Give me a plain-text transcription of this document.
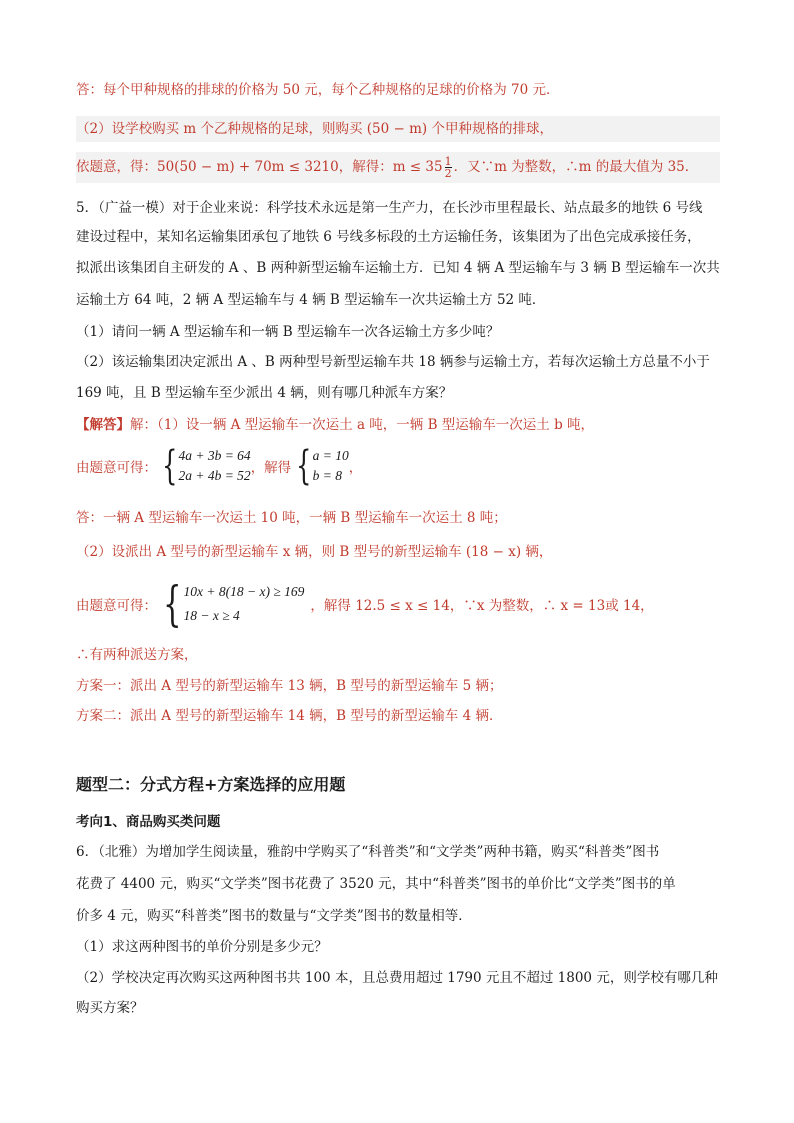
答：每个甲种规格的排球的价格为 50 元，每个乙种规格的足球的价格为 70 元．
（2）设学校购买 m 个乙种规格的足球，则购买 (50 − m) 个甲种规格的排球，
依题意，得：50(50 − m) + 70m ≤ 3210，解得：$m \le 35 \frac{1}{2}$ ．又∵m 为整数，∴m 的最大值为 35．
5．（广益一模）对于企业来说：科学技术永远是第一生产力，在长沙市里程最长、站点最多的地铁 6 号线
建设过程中，某知名运输集团承包了地铁 6 号线多标段的土方运输任务，该集团为了出色完成承接任务，
拟派出该集团自主研发的 A 、B 两种新型运输车运输土方．已知 4 辆 A 型运输车与 3 辆 B 型运输车一次共
运输土方 64 吨，2 辆 A 型运输车与 4 辆 B 型运输车一次共运输土方 52 吨．
（1）请问一辆 A 型运输车和一辆 B 型运输车一次各运输土方多少吨？
（2）该运输集团决定派出 A 、B 两种型号新型运输车共 18 辆参与运输土方，若每次运输土方总量不小于
169 吨，且 B 型运输车至少派出 4 辆，则有哪几种派车方案？
【解答】解：（1）设一辆 A 型运输车一次运土 a 吨，一辆 B 型运输车一次运土 b 吨，
由题意可得： { 4a + 3b = 64
2a + 4b = 52 ，解得 { a = 10
b = 8 ，
答：一辆 A 型运输车一次运土 10 吨，一辆 B 型运输车一次运土 8 吨；
（2）设派出 A 型号的新型运输车 x 辆，则 B 型号的新型运输车 (18 − x) 辆，
由题意可得： { 10x + 8(18 − x) ≥ 169
18 − x ≥ 4
，解得 12.5 ≤ x ≤ 14，∵x 为整数，∴ x = 13或 14，
∴有两种派送方案，
方案一：派出 A 型号的新型运输车 13 辆，B 型号的新型运输车 5 辆；
方案二：派出 A 型号的新型运输车 14 辆，B 型号的新型运输车 4 辆．
题型二：分式方程+方案选择的应用题
考向1、商品购买类问题
6．（北雅）为增加学生阅读量，雅韵中学购买了“科普类”和“文学类”两种书籍，购买“科普类”图书
花费了 4400 元，购买“文学类”图书花费了 3520 元，其中“科普类”图书的单价比“文学类”图书的单
价多 4 元，购买“科普类”图书的数量与“文学类”图书的数量相等．
（1）求这两种图书的单价分别是多少元？
（2）学校决定再次购买这两种图书共 100 本，且总费用超过 1790 元且不超过 1800 元，则学校有哪几种
购买方案？
